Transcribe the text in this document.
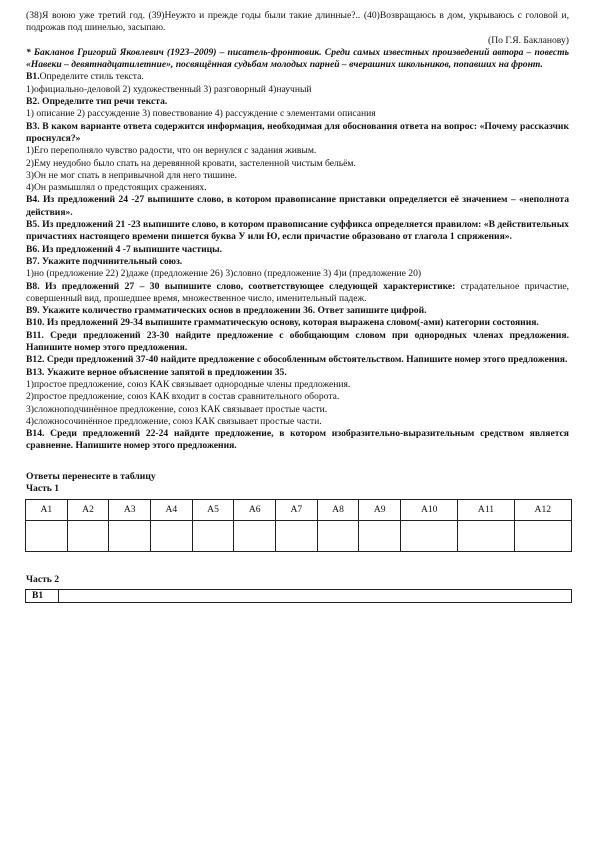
(38)Я воюю уже третий год. (39)Неужто и прежде годы были такие длинные?.. (40)Возвращаюсь в дом, укрываюсь с головой и, подрожав под шинелью, засыпаю.

(По Г.Я. Бакланову)

* Бакланов Григорий Яковлевич (1923–2009) – писатель-фронтовик. Среди самых известных произведений автора – повесть «Навеки – девятнадцатилетние», посвящённая судьбам молодых парней – вчерашних школьников, попавших на фронт.

В1.Определите стиль текста.

1)официально-деловой 2) художественный 3) разговорный 4)научный

В2. Определите тип речи текста.

1) описание 2) рассуждение 3) повествование 4) рассуждение с элементами описания

В3. В каком варианте ответа содержится информация, необходимая для обоснования ответа на вопрос: «Почему рассказчик проснулся?»

1)Его переполняло чувство радости, что он вернулся с задания живым.

2)Ему неудобно было спать на деревянной кровати, застеленной чистым бельём.

3)Он не мог спать в непривычной для него тишине.

4)Он размышлял о предстоящих сражениях.

В4. Из предложений 24 -27 выпишите слово, в котором правописание приставки определяется её значением – «неполнота действия».

В5. Из предложений 21 -23 выпишите слово, в котором правописание суффикса определяется правилом: «В действительных причастиях настоящего времени пишется буква У или Ю, если причастие образовано от глагола 1 спряжения».

В6. Из предложений 4 -7 выпишите частицы.

В7. Укажите подчинительный союз.

1)но (предложение 22) 2)даже (предложение 26) 3)словно (предложение 3) 4)и (предложение 20)

В8. Из предложений 27 – 30 выпишите слово, соответствующее следующей характеристике: страдательное причастие, совершенный вид, прошедшее время, множественное число, именительный падеж.

В9. Укажите количество грамматических основ в предложении 36. Ответ запишите цифрой.

В10. Из предложений 29-34 выпишите грамматическую основу, которая выражена словом(-ами) категории состояния.

В11. Среди предложений 23-30 найдите предложение с обобщающим словом при однородных членах предложения. Напишите номер этого предложения.

В12. Среди предложений 37-40 найдите предложение с обособленным обстоятельством. Напишите номер этого предложения.

В13. Укажите верное объяснение запятой в предложении 35.

1)простое предложение, союз КАК связывает однородные члены предложения.

2)простое предложение, союз КАК входит в состав сравнительного оборота.

3)сложноподчинённое предложение, союз КАК связывает простые части.

4)сложносочинённое предложение, союз КАК связывает простые части.

В14. Среди предложений 22-24 найдите предложение, в котором изобразительно-выразительным средством является сравнение. Напишите номер этого предложения.

Ответы перенесите в таблицу

Часть 1

А1	А2	А3	А4	А5	А6	А7	А8	А9	А10	А11	А12

Часть 2

В1	
